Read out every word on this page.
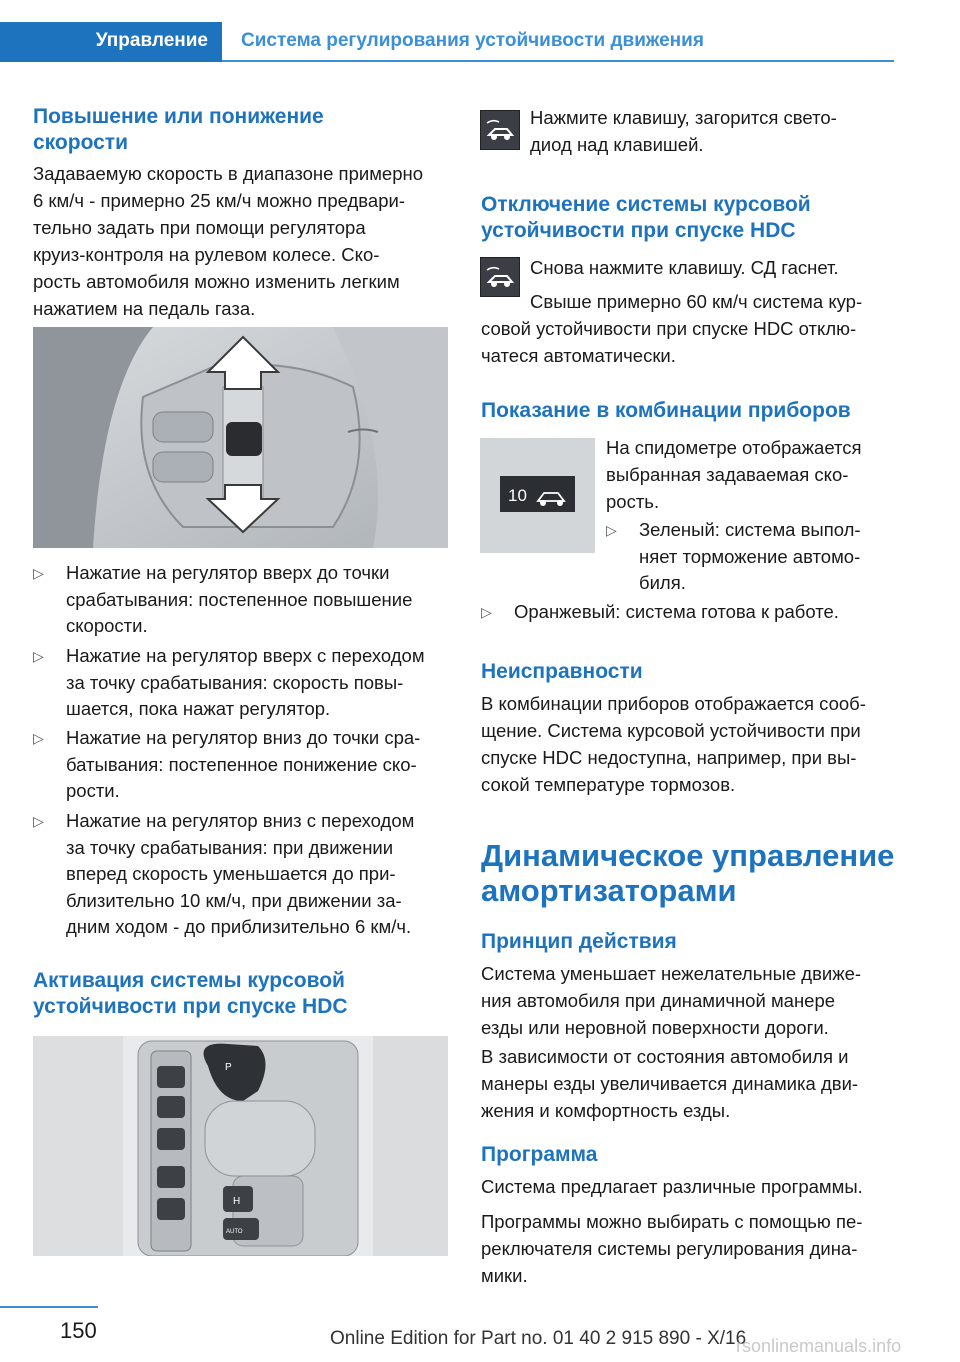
Управление Система регулирования устойчивости движения
Повышение или понижение
скорости
Задаваемую скорость в диапазоне примерно
6 км/ч - примерно 25 км/ч можно предвари‐
тельно задать при помощи регулятора
круиз-контроля на рулевом колесе. Ско‐
рость автомобиля можно изменить легким
нажатием на педаль газа.
▷ Нажатие на регулятор вверх до точки
срабатывания: постепенное повышение
скорости.
▷ Нажатие на регулятор вверх с переходом
за точку срабатывания: скорость повы‐
шается, пока нажат регулятор.
▷ Нажатие на регулятор вниз до точки сра‐
батывания: постепенное понижение ско‐
рости.
▷ Нажатие на регулятор вниз с переходом
за точку срабатывания: при движении
вперед скорость уменьшается до при‐
близительно 10 км/ч, при движении за‐
дним ходом - до приблизительно 6 км/ч.
Активация системы курсовой
устойчивости при спуске HDC
P
AUTO
H
Нажмите клавишу, загорится свето‐
диод над клавишей.
Отключение системы курсовой
устойчивости при спуске HDC
Снова нажмите клавишу. СД гаснет.
Свыше примерно 60 км/ч система кур‐
совой устойчивости при спуске HDC отклю‐
чатеся автоматически.
Показание в комбинации приборов
10
На спидометре отображается
выбранная задаваемая ско‐
рость.
▷ Зеленый: система выпол‐
няет торможение автомо‐
биля.
▷ Оранжевый: система готова к работе.
Неисправности
В комбинации приборов отображается сооб‐
щение. Система курсовой устойчивости при
спуске HDC недоступна, например, при вы‐
сокой температуре тормозов.
Динамическое управление
амортизаторами
Принцип действия
Система уменьшает нежелательные движе‐
ния автомобиля при динамичной манере
езды или неровной поверхности дороги.
В зависимости от состояния автомобиля и
манеры езды увеличивается динамика дви‐
жения и комфортность езды.
Программа
Система предлагает различные программы.
Программы можно выбирать с помощью пе‐
реключателя системы регулирования дина‐
мики.
150	Online Edition for Part no. 01 40 2 915 890 - X/16
rsonlinemanuals.info
